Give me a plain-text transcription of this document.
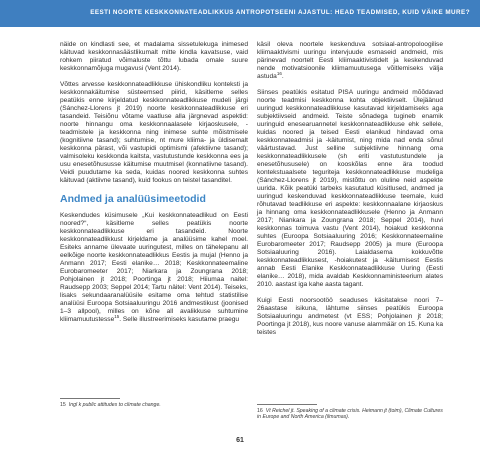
EESTI NOORTE KESKKONNATEADLIKKUS ANTROPOTSEENI AJASTUL: HEAD TEADMISED, KUID VÄIKE MURE?

näide on kindlasti see, et madalama sissetulekuga inimesed käituvad keskkonnasäästlikumalt mitte kindla kavatsuse, vaid rohkem piiratud võimaluste tõttu lubada omale suure keskkonnamõjuga mugavusi (Vent 2014).

Võttes arvesse keskkonnateadlikkuse ühiskondliku konteksti ja keskkonnakäitumise süsteemsed piirid, käsitleme selles peatükis enne kirjeldatud keskkonnateadlikkuse mudeli järgi (Sánchez-Llorens jt 2019) noorte keskkonnateadlikkuse eri tasandeid. Teisiõnu võtame vaatluse alla järgnevad aspektid: noorte hinnangu oma keskkonnaalasele kirjaoskusele, -teadmistele ja keskkonna ning inimese suhte mõistmisele (kognitiivne tasand); suhtumise, nt mure kliima- ja üldisemalt keskkonna pärast, või vastupidi optimismi (afektiivne tasand); valmisoleku keskkonda kaitsta, vastutustunde keskkonna ees ja usu enesetõhususse käitumise muutmisel (konnatiivne tasand). Veidi puudutame ka seda, kuidas noored keskkonna suhtes käituvad (aktiivne tasand), kuid fookus on teistel tasanditel.

Andmed ja analüüsimeetodid

Keskendudes küsimusele „Kui keskkonnateadlikud on Eesti noored?“, käsitleme selles peatükis noorte keskkonnateadlikkuse eri tasandeid. Noorte keskkonnateadlikkust kirjeldame ja analüüsime kahel moel. Esiteks anname ülevaate uuringutest, milles on tähelepanu all eelkõige noorte keskkonnateadlikkus Eestis ja mujal (Henno ja Anmann 2017; Eesti elanike… 2018; Keskkonnateemaline Eurobaromeeter 2017; Niarkara ja Zoungrana 2018; Pohjolainen jt 2018; Poortinga jt 2018; Hiiumaa naitel: Raudsepp 2003; Seppel 2014; Tartu näitel: Vent 2014). Teiseks, lisaks sekundaaranalüüsile esitame oma tehtud statistilise analüüsi Euroopa Sotsiaaluuringu 2016 andmestikust (joonised 1–3 allpool), milles on kõne all avalikkuse suhtumine kliimamuutustesse$^{15}$. Selle illustreerimiseks kasutame praegu

käsil oleva noortele keskenduva sotsiaal-antropoloogilise kliimaaktivismi uuringu intervjuude esmaseid andmeid, mis pärinevad noortelt Eesti kliimaaktivistidelt ja keskenduvad nende motivatsioonile kliimamuutusega võitlemiseks välja astuda$^{16}$.

Siinses peatükis esitatud PISA uuringu andmeid mõõdavad noorte teadmisi keskkonna kohta objektiivselt. Ülejäänud uuringud keskkonnateadlikkuse kasutavad kirjeldamiseks aga subjektiivseid andmeid. Teiste sõnadega tugineb enamik uuringuid enesearuannetel keskkonnateadlikkuse ehk sellele, kuidas noored ja teised Eesti elanikud hindavad oma keskkonnateadmisi ja -käitumist, ning mida nad enda sõnul väärtustavad. Just selline subjektiivne hinnang oma keskkonnateadlikkusele (sh eriti vastutustundele ja enesetõhususele) on kooskõlas enne ära toodud kontekstuaalsete teguriteja keskkonnateadlikkuse mudeliga (Sánchez-Llorens jt 2019), mistõttu on oluline neid aspekte uurida. Kõik peatüki tarbeks kasutatud küsitlused, andmed ja uuringud keskenduvad keskkonnateadlikkuse teemale, kuid rõhutavad teadlikkuse eri aspekte: keskkonnaalane kirjaoskus ja hinnang oma keskkonnateadlikkusele (Henno ja Anmann 2017; Niankara ja Zoungrana 2018; Seppel 2014), huvi keskkonnas toimuva vastu (Vent 2014), hoiakud keskkonna suhtes (Euroopa Sotsiaaluuring 2016; Keskkonnateemaline Eurobaromeeter 2017; Raudsepp 2005) ja mure (Euroopa Sotsiaaluuring 2016). Laialdasema kokkuvõtte keskkonnateadlikkusest, -hoiakutest ja -käitumisest Eestis annab Eesti Elanike Keskkonnateadlikkuse Uuring (Eesti elanike… 2018), mida avaldab Keskkonnaministeerium alates 2010. aastast iga kahe aasta tagant.

Kuigi Eesti noorsootöö seaduses käsitatakse noori 7–26aastase isikuna, lähtume siinses peatükis Euroopa Sotsiaaluuringu andmetest (vt ESS; Pohjolainen jt 2018; Poortinga jt 2018), kus noore vanuse alammäär on 15. Kuna ka teistes

15 Ingl k public attitudes to climate change.
16 Vt Reichel jt. Speaking of a climate crisis. Heimann jt (toim), Climate Cultures in Europe and North America (ilmumas).
61
